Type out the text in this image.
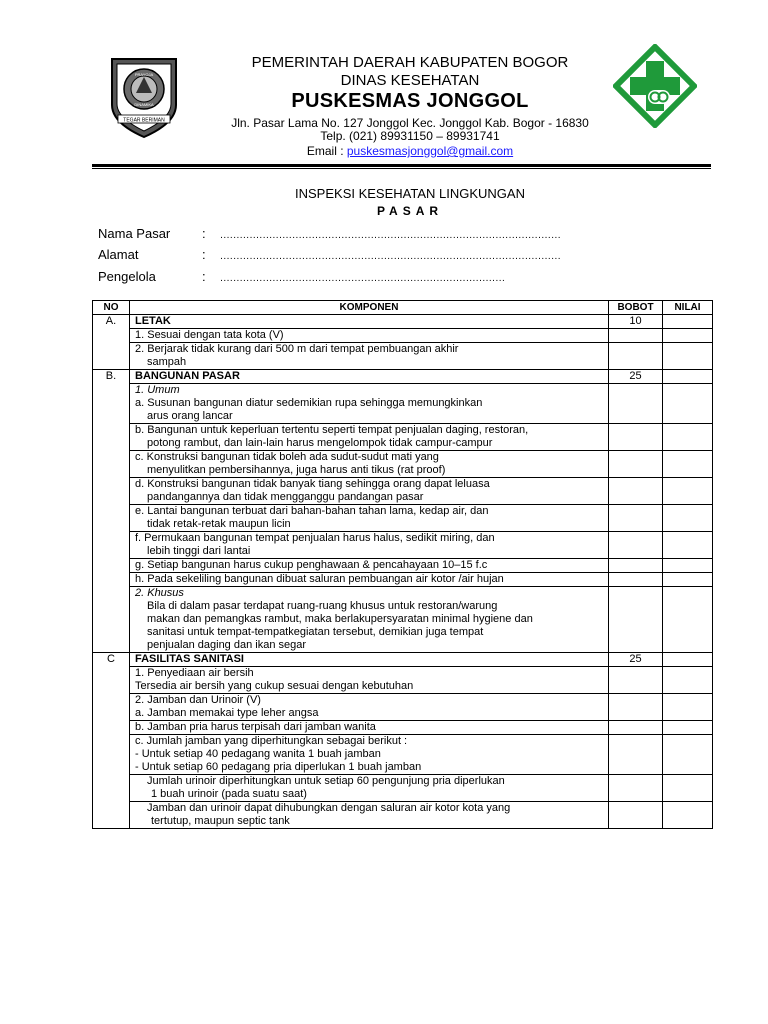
PRAYOJA
DINAMIKA
TEGAR BERIMAN
PEMERINTAH DAERAH KABUPATEN BOGOR
DINAS KESEHATAN
PUSKESMAS JONGGOL
Jln. Pasar Lama No. 127 Jonggol Kec. Jonggol Kab. Bogor - 16830
Telp. (021) 89931150 – 89931741
Email : puskesmasjonggol@gmail.com
INSPEKSI KESEHATAN LINGKUNGAN
PASAR
Nama Pasar : ........................................................................................................
Alamat	: ........................................................................................................
Pengelola	: .......................................................................................
NO	KOMPONEN	BOBOT	NILAI
A.	LETAK	10	
	1. Sesuai dengan tata kota (V)		
	2. Berjarak tidak kurang dari 500 m dari tempat pembuangan akhir
sampah		

B.	BANGUNAN PASAR	25	
	1. Umum
a. Susunan bangunan diatur sedemikian rupa sehingga memungkinkan
arus orang lancar		

	b. Bangunan untuk keperluan tertentu seperti tempat penjualan daging, restoran,
potong rambut, dan lain-lain harus mengelompok tidak campur-campur		

	c. Konstruksi bangunan tidak boleh ada sudut-sudut mati yang
menyulitkan pembersihannya, juga harus anti tikus (rat proof)		

	d. Konstruksi bangunan tidak banyak tiang sehingga orang dapat leluasa
pandangannya dan tidak mengganggu pandangan pasar		

	e. Lantai bangunan terbuat dari bahan-bahan tahan lama, kedap air, dan
tidak retak-retak maupun licin		

	f. Permukaan bangunan tempat penjualan harus halus, sedikit miring, dan
lebih tinggi dari lantai		

	g. Setiap bangunan harus cukup penghawaan & pencahayaan 10–15 f.c		
	h. Pada sekeliling bangunan dibuat saluran pembuangan air kotor /air hujan		
	2. Khusus
Bila di dalam pasar terdapat ruang-ruang khusus untuk restoran/warung
makan dan pemangkas rambut, maka berlakupersyaratan minimal hygiene dan
sanitasi untuk tempat-tempatkegiatan tersebut, demikian juga tempat
penjualan daging dan ikan segar		

C	FASILITAS SANITASI	25	
	1. Penyediaan air bersih
Tersedia air bersih yang cukup sesuai dengan kebutuhan		
	2. Jamban dan Urinoir (V)
a. Jamban memakai type leher angsa		
	b. Jamban pria harus terpisah dari jamban wanita		
	c. Jumlah jamban yang diperhitungkan sebagai berikut :
- Untuk setiap 40 pedagang wanita 1 buah jamban
- Untuk setiap 60 pedagang pria diperlukan 1 buah jamban		

	Jumlah urinoir diperhitungkan untuk setiap 60 pengunjung pria diperlukan
1 buah urinoir (pada suatu saat)		

	Jamban dan urinoir dapat dihubungkan dengan saluran air kotor kota yang
tertutup, maupun septic tank		
